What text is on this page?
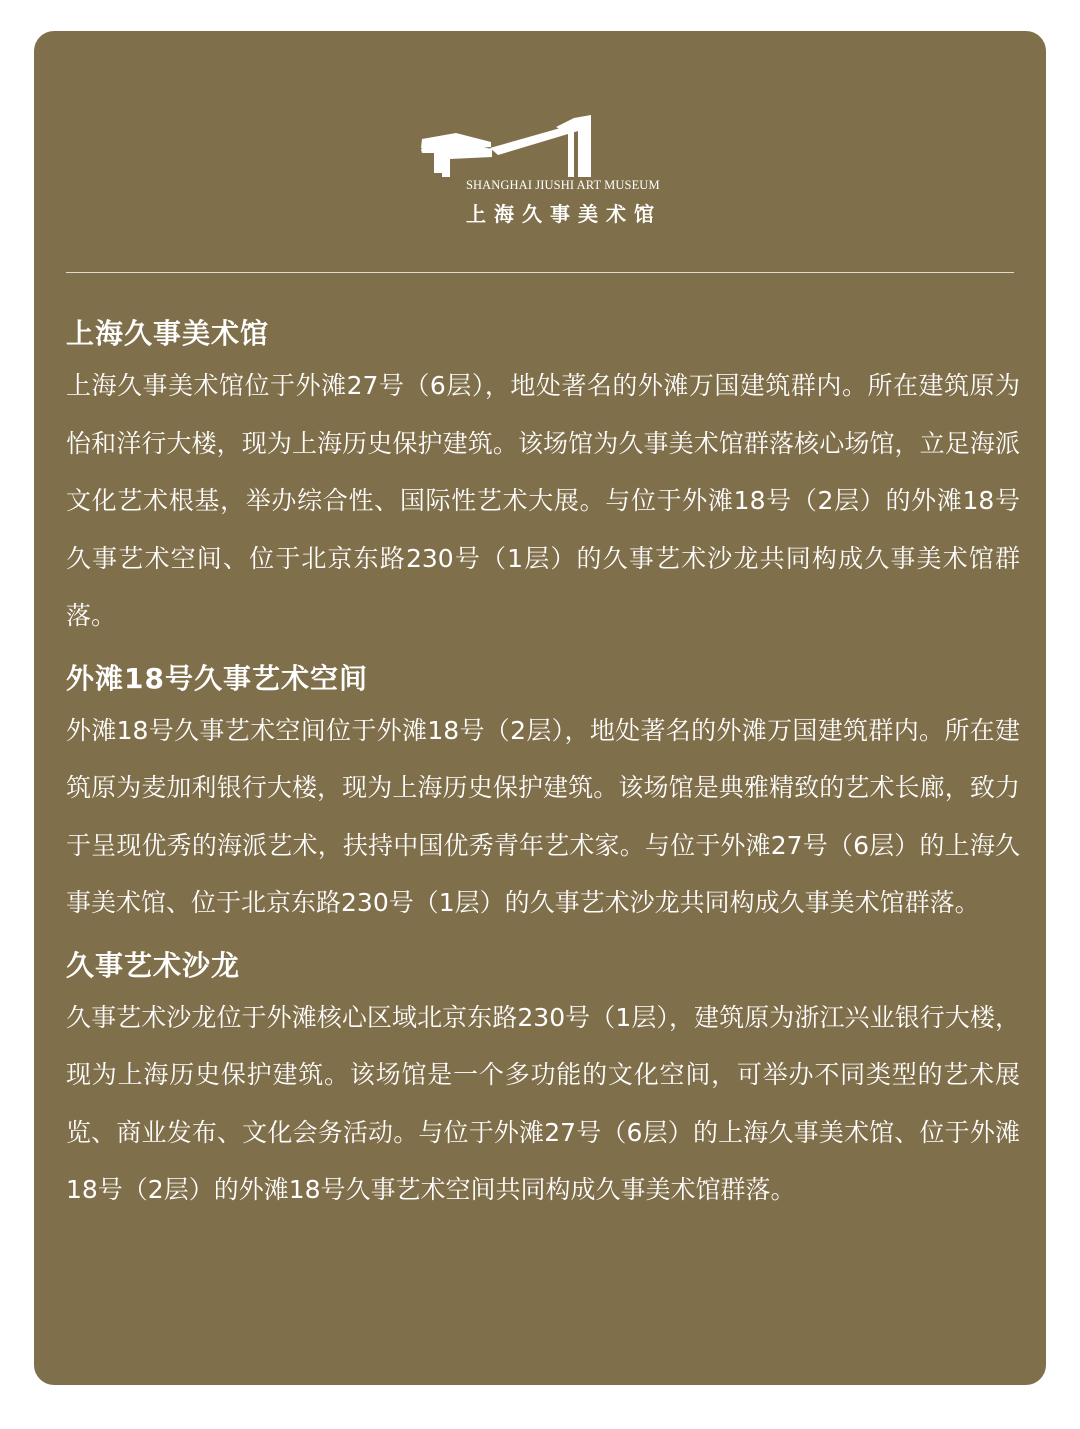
SHANGHAI JIUSHI ART MUSEUM
上海久事美术馆
上海久事美术馆

上海久事美术馆位于外滩27号（6层），地处著名的外滩万国建筑群内。所在建筑原为怡和洋行大楼，现为上海历史保护建筑。该场馆为久事美术馆群落核心场馆，立足海派文化艺术根基，举办综合性、国际性艺术大展。与位于外滩18号（2层）的外滩18号久事艺术空间、位于北京东路230号（1层）的久事艺术沙龙共同构成久事美术馆群落。

外滩18号久事艺术空间

外滩18号久事艺术空间位于外滩18号（2层），地处著名的外滩万国建筑群内。所在建筑原为麦加利银行大楼，现为上海历史保护建筑。该场馆是典雅精致的艺术长廊，致力于呈现优秀的海派艺术，扶持中国优秀青年艺术家。与位于外滩27号（6层）的上海久事美术馆、位于北京东路230号（1层）的久事艺术沙龙共同构成久事美术馆群落。

久事艺术沙龙

久事艺术沙龙位于外滩核心区域北京东路230号（1层），建筑原为浙江兴业银行大楼，现为上海历史保护建筑。该场馆是一个多功能的文化空间，可举办不同类型的艺术展览、商业发布、文化会务活动。与位于外滩27号（6层）的上海久事美术馆、位于外滩18号（2层）的外滩18号久事艺术空间共同构成久事美术馆群落。
